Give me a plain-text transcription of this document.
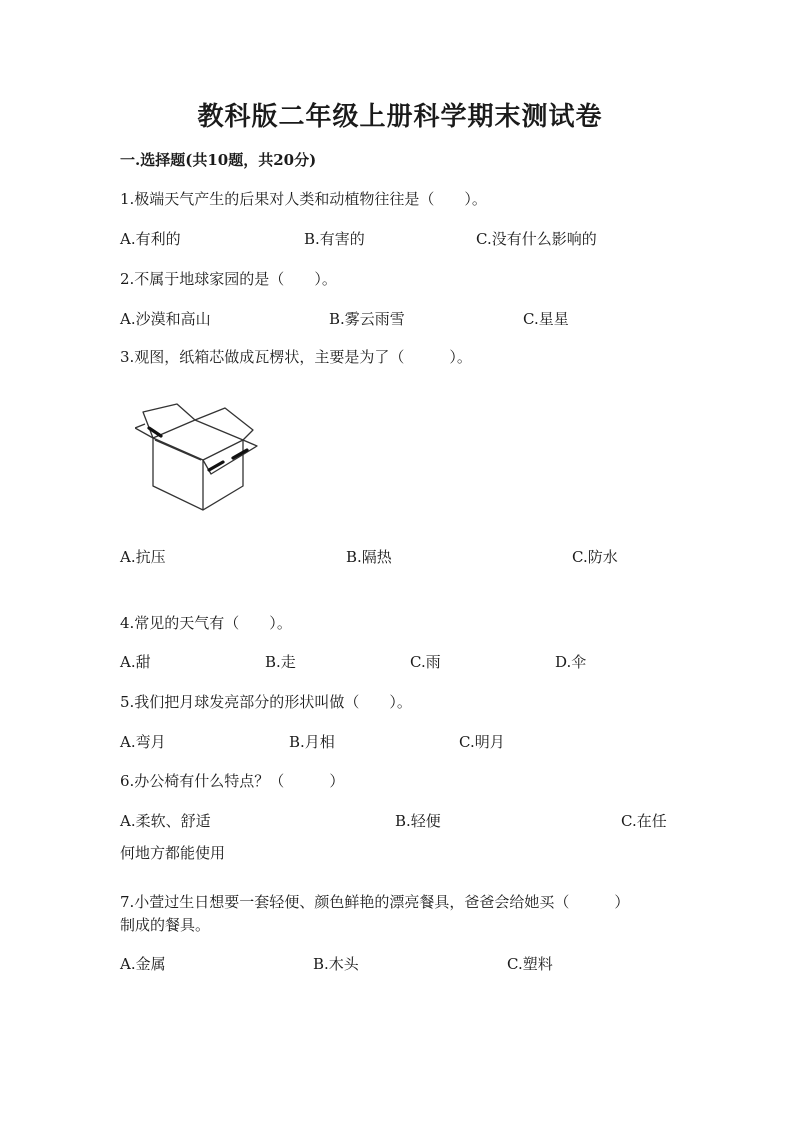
教科版二年级上册科学期末测试卷
一.选择题(共10题，共20分)
1.极端天气产生的后果对人类和动植物往往是（　　）。
A.有利的	B.有害的	C.没有什么影响的
2.不属于地球家园的是（　　）。
A.沙漠和高山	B.雾云雨雪	C.星星
3.观图，纸箱芯做成瓦楞状，主要是为了（　　　）。
A.抗压	B.隔热	C.防水
4.常见的天气有（　　）。
A.甜	B.走	C.雨	D.伞
5.我们把月球发亮部分的形状叫做（　　）。
A.弯月	B.月相	C.明月
6.办公椅有什么特点？（　　　）
A.柔软、舒适	B.轻便	C.在任
何地方都能使用
7.小萱过生日想要一套轻便、颜色鲜艳的漂亮餐具，爸爸会给她买（　　　）
制成的餐具。
A.金属	B.木头	C.塑料
